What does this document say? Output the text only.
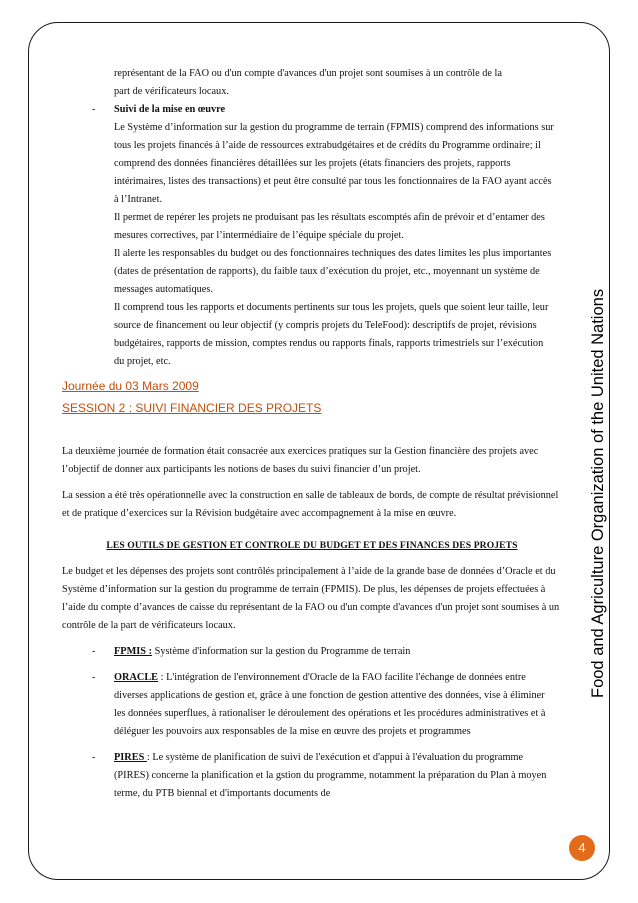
Food and Agriculture Organization of the United Nations

représentant de la FAO ou d'un compte d'avances d'un projet sont soumises à un contrôle de la

part de vérificateurs locaux.

-	Suivi de la mise en œuvre

Le Système d’information sur la gestion du programme de terrain (FPMIS) comprend des informations sur tous les projets financés à l’aide de ressources extrabudgétaires et de crédits du Programme ordinaire; il comprend des données financières détaillées sur les projets (états financiers des projets, rapports intérimaires, listes des transactions) et peut être consulté par tous les fonctionnaires de la FAO ayant accès à l’Intranet.

Il permet de repérer les projets ne produisant pas les résultats escomptés afin de prévoir et d’entamer des mesures correctives, par l’intermédiaire de l’équipe spéciale du projet.

Il alerte les responsables du budget ou des fonctionnaires techniques des dates limites les plus importantes (dates de présentation de rapports), du faible taux d’exécution du projet, etc., moyennant un système de messages automatiques.

Il comprend tous les rapports et documents pertinents sur tous les projets, quels que soient leur taille, leur source de financement ou leur objectif (y compris projets du TeleFood): descriptifs de projet, révisions budgétaires, rapports de mission, comptes rendus ou rapports finals, rapports trimestriels sur l’exécution du projet, etc.

Journée du 03 Mars 2009

SESSION 2 : SUIVI FINANCIER DES PROJETS

La deuxième journée de formation était consacrée aux exercices pratiques sur la Gestion financière des projets avec l’objectif de donner aux participants les notions de bases du suivi financier d’un projet.

La session a été très opérationnelle avec la construction en salle de tableaux de bords, de compte de résultat prévisionnel et de pratique d’exercices sur la Révision budgétaire avec accompagnement à la mise en œuvre.

LES OUTILS DE GESTION ET CONTROLE DU BUDGET ET DES FINANCES DES PROJETS

Le budget et les dépenses des projets sont contrôlés principalement à l’aide de la grande base de données d’Oracle et du Système d’information sur la gestion du programme de terrain (FPMIS). De plus, les dépenses de projets effectuées à l’aide du compte d’avances de caisse du représentant de la FAO ou d'un compte d'avances d'un projet sont soumises à un contrôle de la part de vérificateurs locaux.

-	FPMIS : Système d'information sur la gestion du Programme de terrain
-	ORACLE : L'intégration de l'environnement d'Oracle de la FAO facilite l'échange de données entre diverses applications de gestion et, grâce à une fonction de gestion attentive des données, vise à éliminer les données superflues, à rationaliser le déroulement des opérations et les procédures administratives et à déléguer les pouvoirs aux responsables de la mise en œuvre des projets et programmes
-	PIRES : Le système de planification de suivi de l'exécution et d'appui à l'évaluation du programme (PIRES) concerne la planification et la gstion du programme, notamment la préparation du Plan à moyen terme, du PTB biennal et d'importants documents de
4
